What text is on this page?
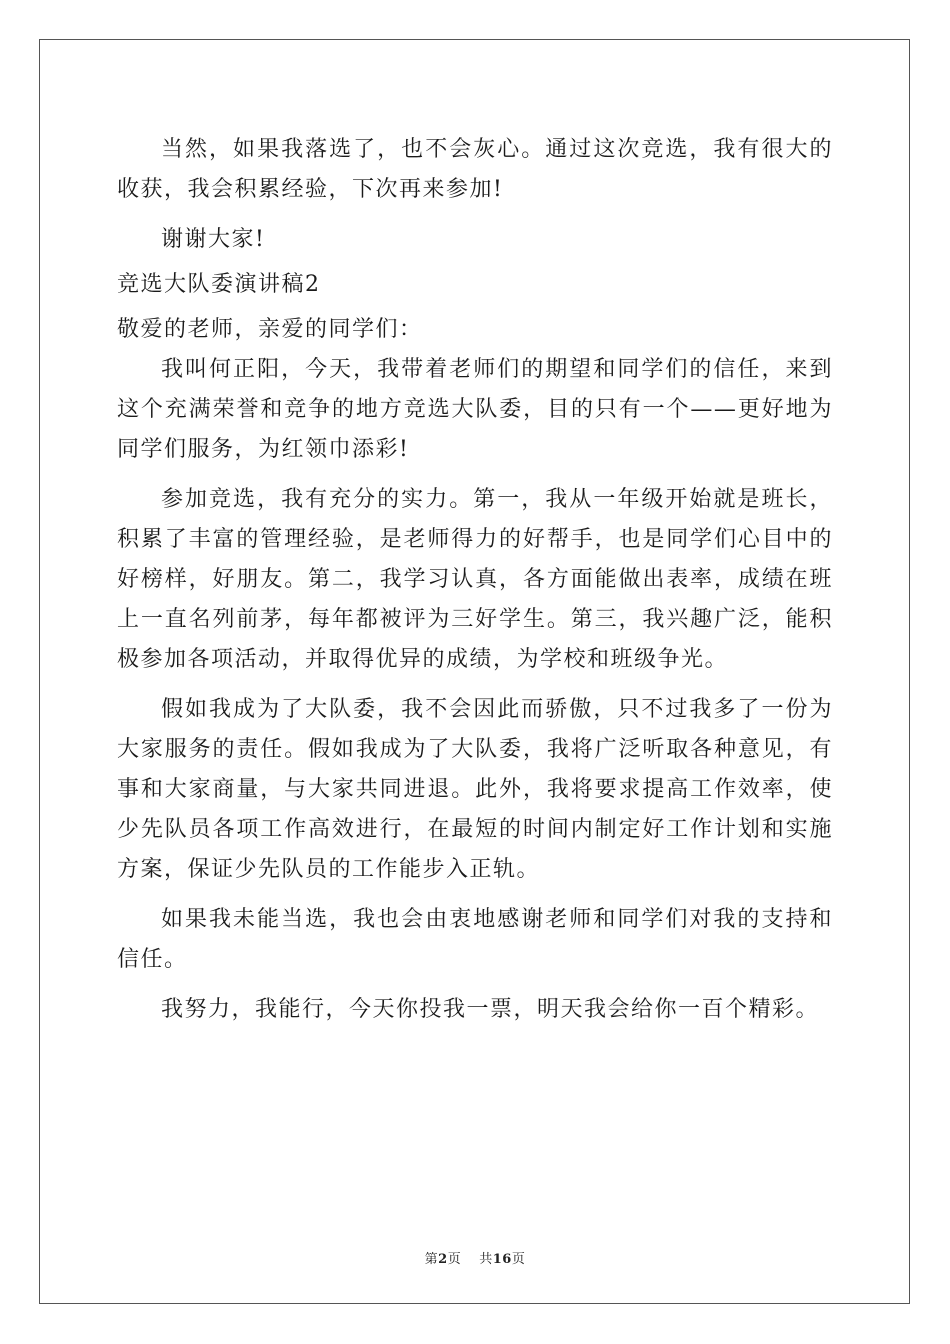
当然，如果我落选了，也不会灰心。通过这次竞选，我有很大的收获，我会积累经验，下次再来参加!

谢谢大家!

竞选大队委演讲稿2

敬爱的老师，亲爱的同学们：

我叫何正阳，今天，我带着老师们的期望和同学们的信任，来到这个充满荣誉和竞争的地方竞选大队委，目的只有一个——更好地为同学们服务，为红领巾添彩!

参加竞选，我有充分的实力。第一，我从一年级开始就是班长，积累了丰富的管理经验，是老师得力的好帮手，也是同学们心目中的好榜样，好朋友。第二，我学习认真，各方面能做出表率，成绩在班上一直名列前茅，每年都被评为三好学生。第三，我兴趣广泛，能积极参加各项活动，并取得优异的成绩，为学校和班级争光。

假如我成为了大队委，我不会因此而骄傲，只不过我多了一份为大家服务的责任。假如我成为了大队委，我将广泛听取各种意见，有事和大家商量，与大家共同进退。此外，我将要求提高工作效率，使少先队员各项工作高效进行，在最短的时间内制定好工作计划和实施方案，保证少先队员的工作能步入正轨。

如果我未能当选，我也会由衷地感谢老师和同学们对我的支持和信任。

我努力，我能行，今天你投我一票，明天我会给你一百个精彩。

第2页 共16页
